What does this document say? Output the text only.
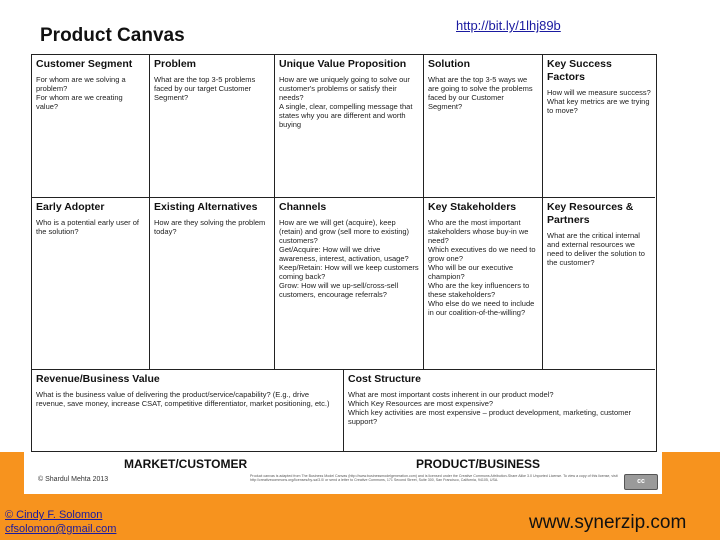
Product Canvas	http://bit.ly/1lhj89b
Customer Segment
For whom are we solving a problem?
For whom are we creating value?
Problem
What are the top 3-5 problems faced by our target Customer Segment?
Unique Value Proposition
How are we uniquely going to solve our customer's problems or satisfy their needs?
A single, clear, compelling message that states why you are different and worth buying
Solution
What are the top 3-5 ways we are going to solve the problems faced by our Customer Segment?
Key Success Factors
How will we measure success?
What key metrics are we trying to move?
Early Adopter
Who is a potential early user of the solution?
Existing Alternatives
How are they solving the problem today?
Channels
How are we will get (acquire), keep (retain) and grow (sell more to existing) customers?
Get/Acquire: How will we drive awareness, interest, activation, usage?
Keep/Retain: How will we keep customers coming back?
Grow: How will we up-sell/cross-sell customers, encourage referrals?
Key Stakeholders
Who are the most important stakeholders whose buy-in we need?
Which executives do we need to grow one?
Who will be our executive champion?
Who are the key influencers to these stakeholders?
Who else do we need to include in our coalition-of-the-willing?
Key Resources & Partners
What are the critical internal and external resources we need to deliver the solution to the customer?
Revenue/Business Value
What is the business value of delivering the product/service/capability? (E.g., drive revenue, save money, increase CSAT, competitive differentiator, market positioning, etc.)
Cost Structure
What are most important costs inherent in our product model?
Which Key Resources are most expensive?
Which key activities are most expensive – product development, marketing, customer support?
MARKET/CUSTOMER	PRODUCT/BUSINESS
© Shardul Mehta 2013	Product canvas is adapted from The Business Model Canvas (http://www.businessmodelgeneration.com) and is licensed under the Creative Commons Attribution-Share Alike 3.0 Unported License. To view a copy of this license, visit http://creativecommons.org/licenses/by-sa/3.0/ or send a letter to Creative Commons, 171 Second Street, Suite 300, San Francisco, California, 94105, USA.	cc
© Cindy F. Solomon
cfsolomon@gmail.com	www.synerzip.com
